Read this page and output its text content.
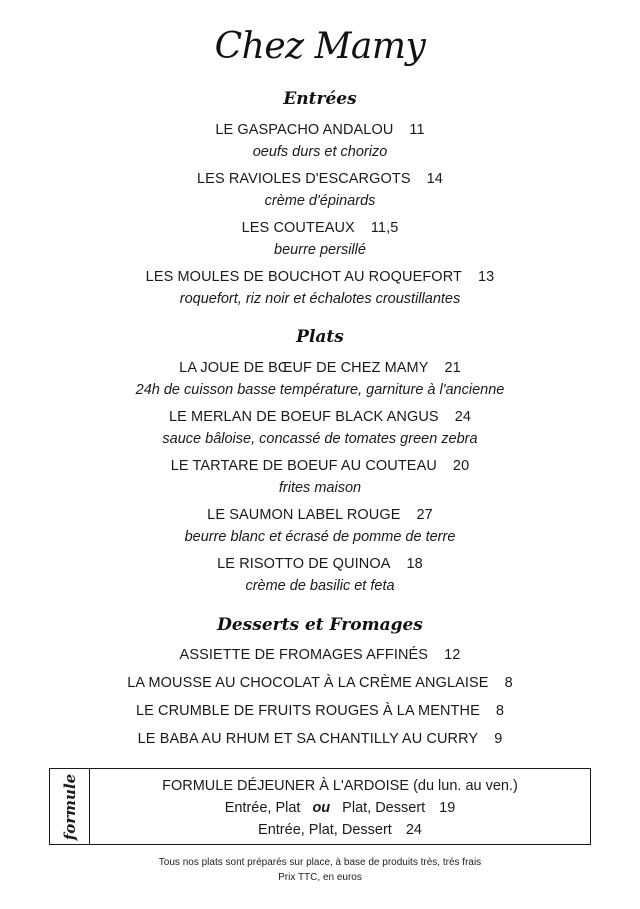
Chez Mamy
Entrées
LE GASPACHO ANDALOU 11
oeufs durs et chorizo
LES RAVIOLES D'ESCARGOTS 14
crème d'épinards
LES COUTEAUX 11,5
beurre persillé
LES MOULES DE BOUCHOT AU ROQUEFORT 13
roquefort, riz noir et échalotes croustillantes
Plats
LA JOUE DE BŒUF DE CHEZ MAMY 21
24h de cuisson basse température, garniture à l'ancienne
LE MERLAN DE BOEUF BLACK ANGUS 24
sauce bâloise, concassé de tomates green zebra
LE TARTARE DE BOEUF AU COUTEAU 20
frites maison
LE SAUMON LABEL ROUGE 27
beurre blanc et écrasé de pomme de terre
LE RISOTTO DE QUINOA 18
crème de basilic et feta
Desserts et Fromages
ASSIETTE DE FROMAGES AFFINÉS 12
LA MOUSSE AU CHOCOLAT À LA CRÈME ANGLAISE 8
LE CRUMBLE DE FRUITS ROUGES À LA MENTHE 8
LE BABA AU RHUM ET SA CHANTILLY AU CURRY 9
formule	FORMULE DÉJEUNER À L'ARDOISE (du lun. au ven.)
Entrée, Plat ou Plat, Dessert 19
Entrée, Plat, Dessert 24
Tous nos plats sont préparés sur place, à base de produits très, très frais
Prix TTC, en euros
